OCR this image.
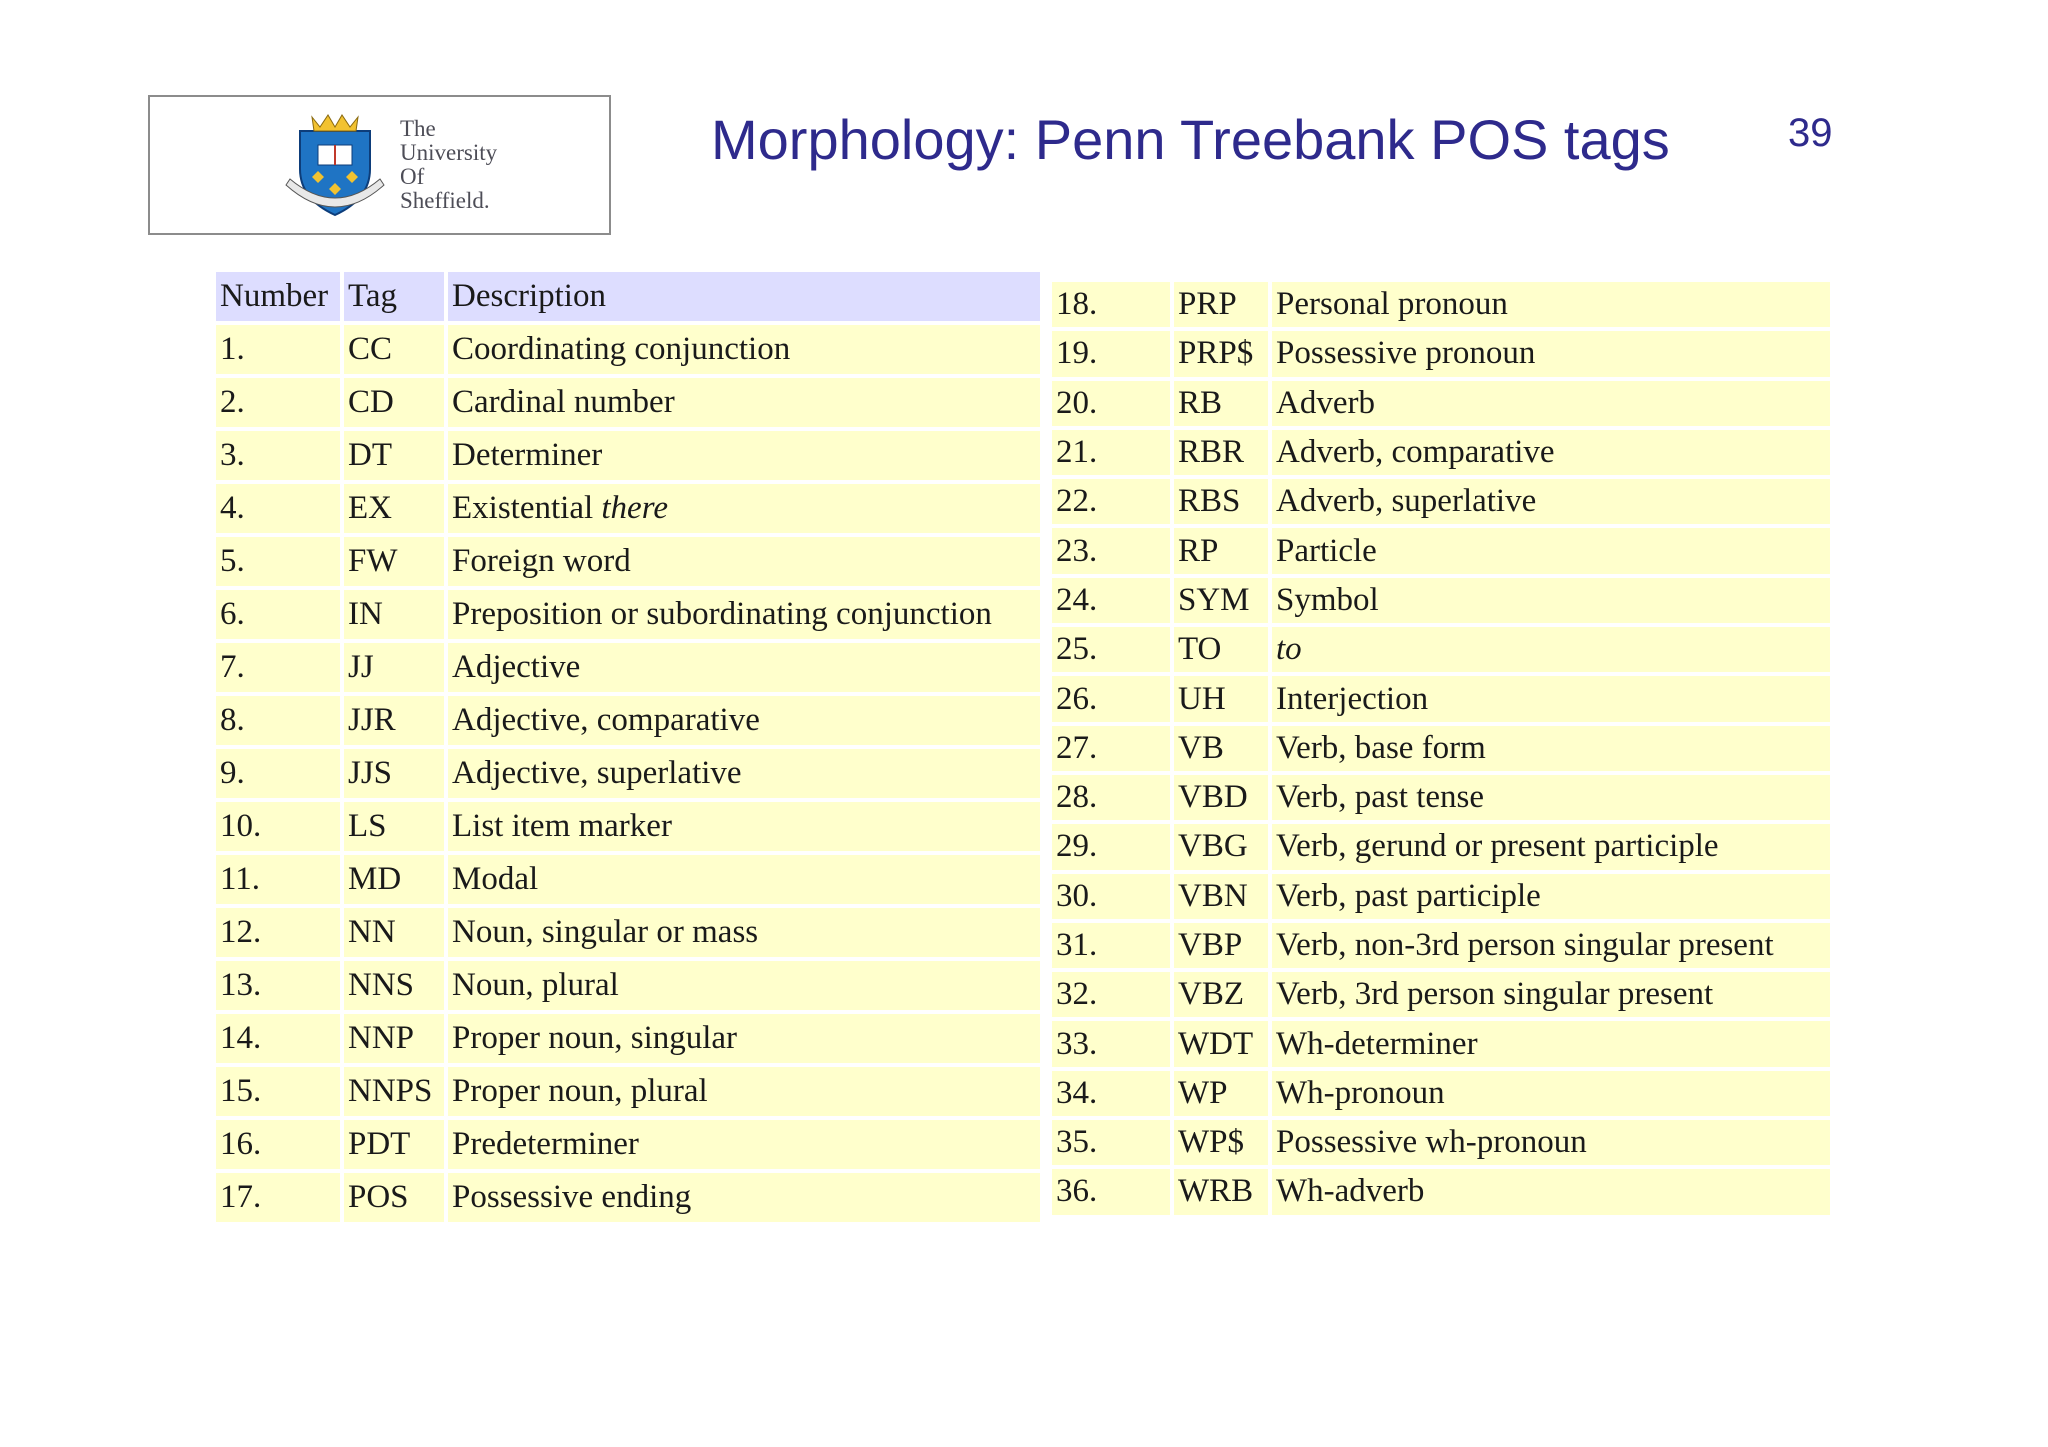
The
University
Of
Sheffield.
Morphology: Penn Treebank POS tags	39
Number	Tag	Description
1.	CC	Coordinating conjunction
2.	CD	Cardinal number
3.	DT	Determiner
4.	EX	Existential there
5.	FW	Foreign word
6.	IN	Preposition or subordinating conjunction
7.	JJ	Adjective
8.	JJR	Adjective, comparative
9.	JJS	Adjective, superlative
10.	LS	List item marker
11.	MD	Modal
12.	NN	Noun, singular or mass
13.	NNS	Noun, plural
14.	NNP	Proper noun, singular
15.	NNPS	Proper noun, plural
16.	PDT	Predeterminer
17.	POS	Possessive ending
18.	PRP	Personal pronoun
19.	PRP$	Possessive pronoun
20.	RB	Adverb
21.	RBR	Adverb, comparative
22.	RBS	Adverb, superlative
23.	RP	Particle
24.	SYM	Symbol
25.	TO	to
26.	UH	Interjection
27.	VB	Verb, base form
28.	VBD	Verb, past tense
29.	VBG	Verb, gerund or present participle
30.	VBN	Verb, past participle
31.	VBP	Verb, non-3rd person singular present
32.	VBZ	Verb, 3rd person singular present
33.	WDT	Wh-determiner
34.	WP	Wh-pronoun
35.	WP$	Possessive wh-pronoun
36.	WRB	Wh-adverb
